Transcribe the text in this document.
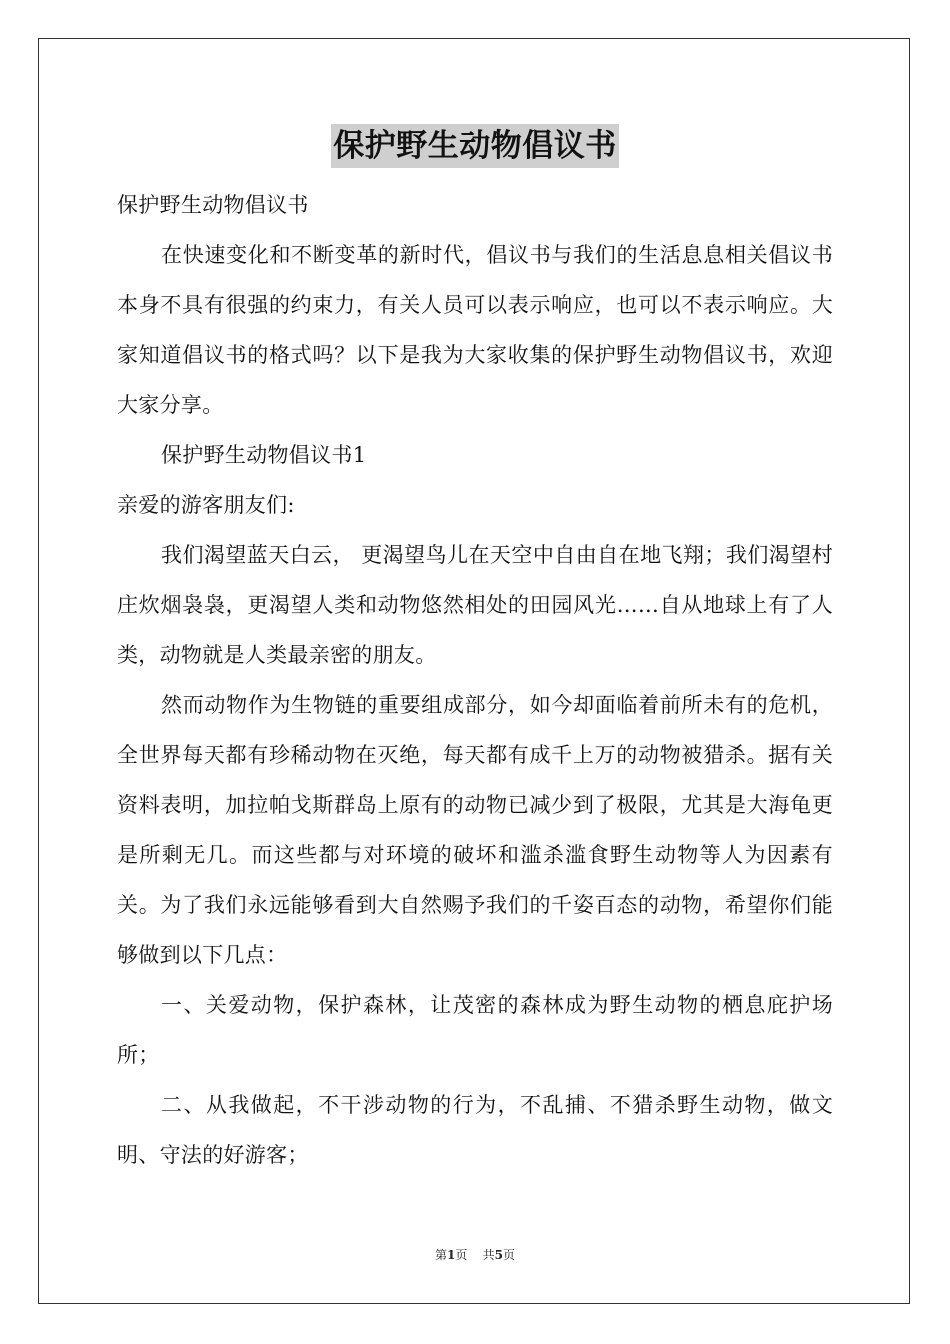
保护野生动物倡议书

保护野生动物倡议书

在快速变化和不断变革的新时代，倡议书与我们的生活息息相关倡议书本身不具有很强的约束力，有关人员可以表示响应，也可以不表示响应。大家知道倡议书的格式吗？以下是我为大家收集的保护野生动物倡议书，欢迎大家分享。

保护野生动物倡议书1

亲爱的游客朋友们:

我们渴望蓝天白云， 更渴望鸟儿在天空中自由自在地飞翔；我们渴望村庄炊烟袅袅，更渴望人类和动物悠然相处的田园风光……自从地球上有了人类，动物就是人类最亲密的朋友。

然而动物作为生物链的重要组成部分，如今却面临着前所未有的危机，全世界每天都有珍稀动物在灭绝，每天都有成千上万的动物被猎杀。据有关资料表明，加拉帕戈斯群岛上原有的动物已减少到了极限，尤其是大海龟更是所剩无几。而这些都与对环境的破坏和滥杀滥食野生动物等人为因素有关。为了我们永远能够看到大自然赐予我们的千姿百态的动物，希望你们能够做到以下几点：

一、关爱动物，保护森林，让茂密的森林成为野生动物的栖息庇护场所；

二、从我做起，不干涉动物的行为，不乱捕、不猎杀野生动物，做文明、守法的好游客；

第1页 共5页
